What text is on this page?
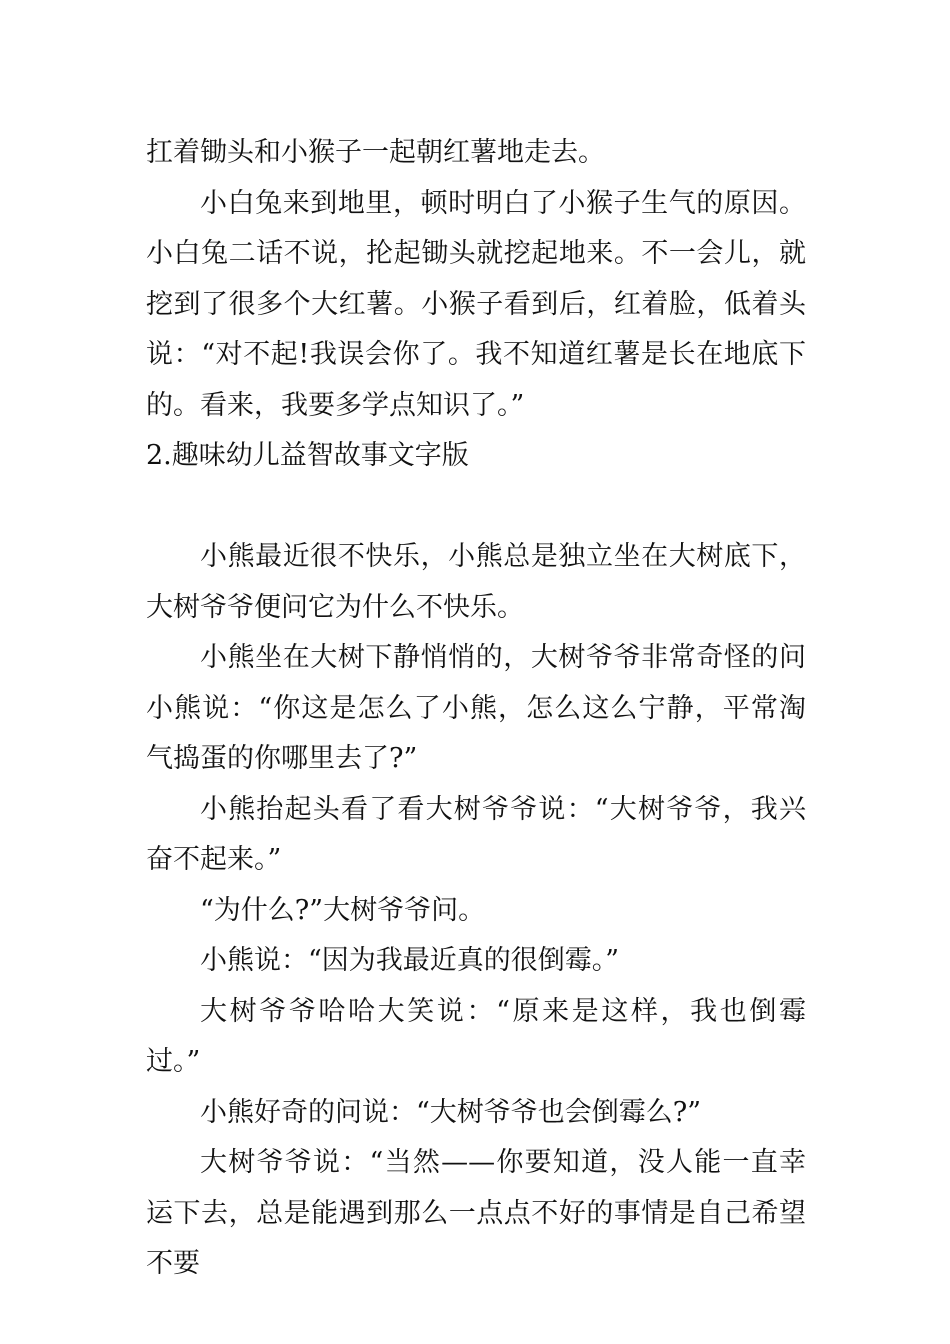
扛着锄头和小猴子一起朝红薯地走去。

小白兔来到地里，顿时明白了小猴子生气的原因。小白兔二话不说，抡起锄头就挖起地来。不一会儿，就挖到了很多个大红薯。小猴子看到后，红着脸，低着头说：“对不起!我误会你了。我不知道红薯是长在地底下的。看来，我要多学点知识了。”

2.趣味幼儿益智故事文字版

小熊最近很不快乐，小熊总是独立坐在大树底下，大树爷爷便问它为什么不快乐。

小熊坐在大树下静悄悄的，大树爷爷非常奇怪的问小熊说：“你这是怎么了小熊，怎么这么宁静，平常淘气捣蛋的你哪里去了?”

小熊抬起头看了看大树爷爷说：“大树爷爷，我兴奋不起来。”

“为什么?”大树爷爷问。

小熊说：“因为我最近真的很倒霉。”

大树爷爷哈哈大笑说：“原来是这样，我也倒霉过。”

小熊好奇的问说：“大树爷爷也会倒霉么?”

大树爷爷说：“当然——你要知道，没人能一直幸运下去，总是能遇到那么一点点不好的事情是自己希望不要
